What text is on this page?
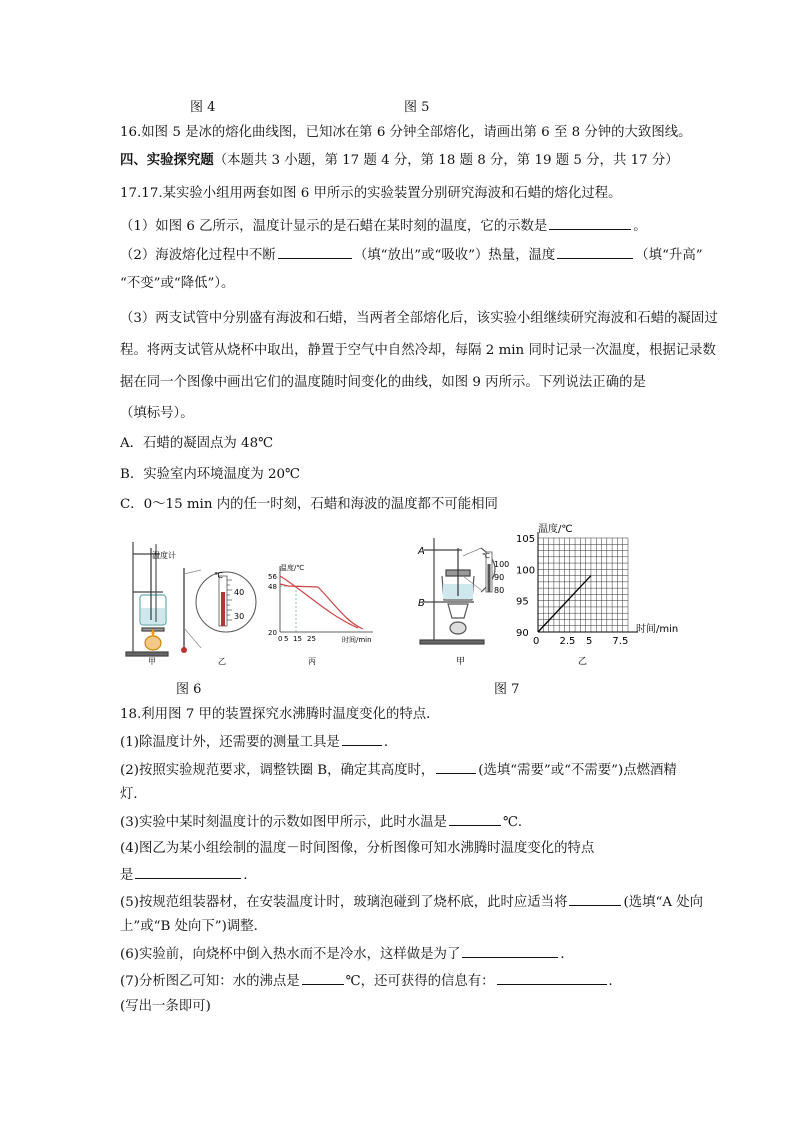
图 4	图 5
16.如图 5 是冰的熔化曲线图，已知冰在第 6 分钟全部熔化，请画出第 6 至 8 分钟的大致图线。
四、实验探究题（本题共 3 小题，第 17 题 4 分，第 18 题 8 分，第 19 题 5 分，共 17 分）
17.17.某实验小组用两套如图 6 甲所示的实验装置分别研究海波和石蜡的熔化过程。
（1）如图 6 乙所示，温度计显示的是石蜡在某时刻的温度，它的示数是	。
（2）海波熔化过程中不断	（填“放出”或“吸收”）热量，温度	（填“升高”
“不变”或“降低”）。
（3）两支试管中分别盛有海波和石蜡，当两者全部熔化后，该实验小组继续研究海波和石蜡的凝固过
程。将两支试管从烧杯中取出，静置于空气中自然冷却，每隔 2 min 同时记录一次温度，根据记录数
据在同一个图像中画出它们的温度随时间变化的曲线，如图 9 丙所示。下列说法正确的是
（填标号）。
A．石蜡的凝固点为 48℃
B．实验室内环境温度为 20℃
C．0～15 min 内的任一时刻，石蜡和海波的温度都不可能相同
温度计
甲
℃
40
30
乙
温度/℃
56
48
20
0 5 15 25	时间/min
丙
℃
100
90
80
A
B
甲
温度/℃
时间/min
乙
0 2.5 5 7.5
90
95
100
105
图 6	图 7
18.利用图 7 甲的装置探究水沸腾时温度变化的特点．
(1)除温度计外，还需要的测量工具是	．
(2)按照实验规范要求，调整铁圈 B，确定其高度时，	(选填“需要”或“不需要”)点燃酒精
灯．
(3)实验中某时刻温度计的示数如图甲所示，此时水温是	℃．
(4)图乙为某小组绘制的温度－时间图像，分析图像可知水沸腾时温度变化的特点
是	．
(5)按规范组装器材，在安装温度计时，玻璃泡碰到了烧杯底，此时应适当将	(选填“A 处向
上”或“B 处向下”)调整．
(6)实验前，向烧杯中倒入热水而不是冷水，这样做是为了	．
(7)分析图乙可知：水的沸点是	℃，还可获得的信息有：	．
(写出一条即可)
